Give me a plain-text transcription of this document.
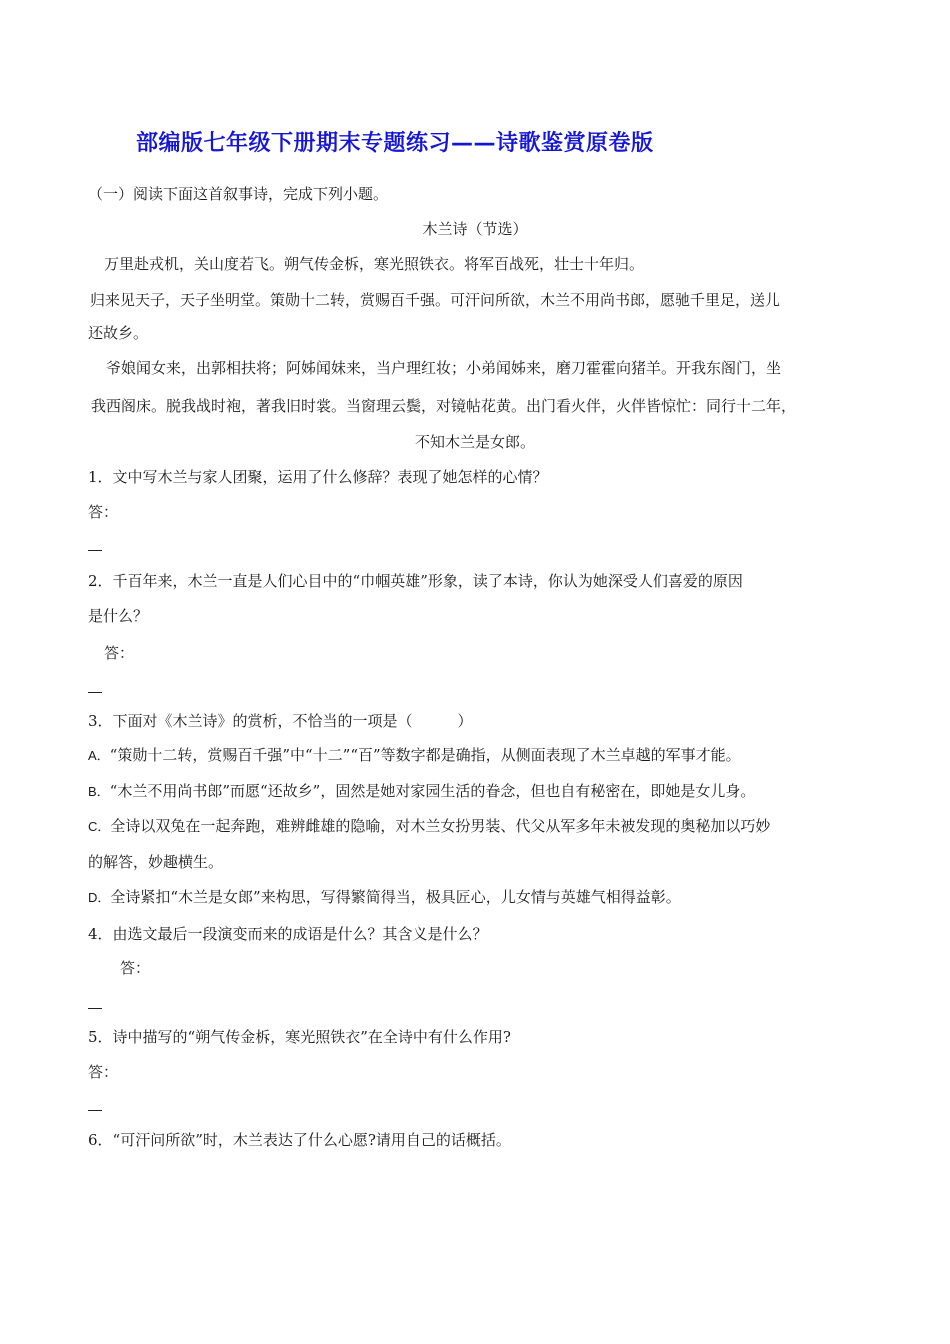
部编版七年级下册期末专题练习——诗歌鉴赏原卷版
（一）阅读下面这首叙事诗，完成下列小题。
木兰诗（节选）
万里赴戎机，关山度若飞。朔气传金柝，寒光照铁衣。将军百战死，壮士十年归。
归来见天子，天子坐明堂。策勋十二转，赏赐百千强。可汗问所欲，木兰不用尚书郎，愿驰千里足，送儿
还故乡。
爷娘闻女来，出郭相扶将；阿姊闻妹来，当户理红妆；小弟闻姊来，磨刀霍霍向猪羊。开我东阁门，坐
我西阁床。脱我战时袍，著我旧时裳。当窗理云鬓，对镜帖花黄。出门看火伴，火伴皆惊忙：同行十二年，
不知木兰是女郎。
1．文中写木兰与家人团聚，运用了什么修辞？表现了她怎样的心情？
答：
2．千百年来，木兰一直是人们心目中的“巾帼英雄”形象，读了本诗，你认为她深受人们喜爱的原因
是什么？
答：
3．下面对《木兰诗》的赏析，不恰当的一项是（　　　）
A．“策勋十二转，赏赐百千强”中“十二”“百”等数字都是确指，从侧面表现了木兰卓越的军事才能。
B．“木兰不用尚书郎”而愿“还故乡”，固然是她对家园生活的眷念，但也自有秘密在，即她是女儿身。
C．全诗以双兔在一起奔跑，难辨雌雄的隐喻，对木兰女扮男装、代父从军多年未被发现的奥秘加以巧妙
的解答，妙趣横生。
D．全诗紧扣“木兰是女郎”来构思，写得繁简得当，极具匠心，儿女情与英雄气相得益彰。
4．由选文最后一段演变而来的成语是什么？其含义是什么？
答：
5．诗中描写的“朔气传金柝，寒光照铁衣”在全诗中有什么作用?
答：
6．“可汗问所欲”时，木兰表达了什么心愿?请用自己的话概括。
